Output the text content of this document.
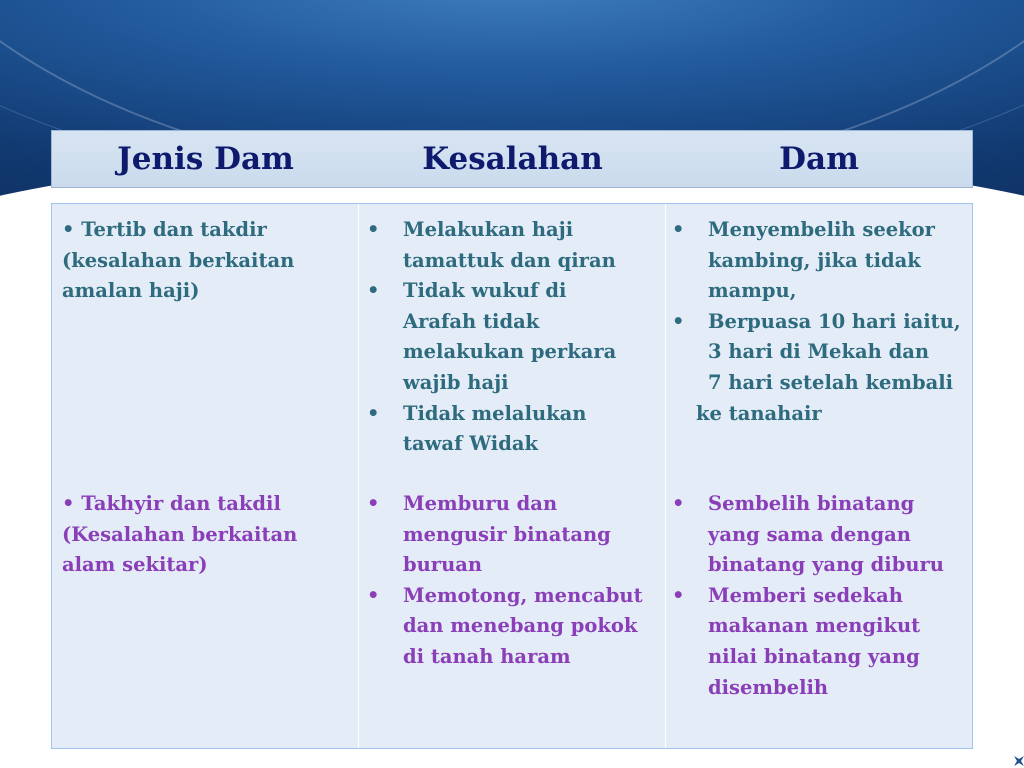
Jenis Dam	Kesalahan	Dam
• Tertib dan takdir
(kesalahan berkaitan
amalan haji)
• Takhyir dan takdil
(Kesalahan berkaitan
alam sekitar)
• Melakukan haji
tamattuk dan qiran
• Tidak wukuf di
Arafah tidak
melakukan perkara
wajib haji
• Tidak melalukan
tawaf Widak
• Memburu dan
mengusir binatang
buruan
• Memotong, mencabut
dan menebang pokok
di tanah haram
• Menyembelih seekor
kambing, jika tidak
mampu,
• Berpuasa 10 hari iaitu,
3 hari di Mekah dan
7 hari setelah kembali
ke tanahair
• Sembelih binatang
yang sama dengan
binatang yang diburu
• Memberi sedekah
makanan mengikut
nilai binatang yang
disembelih
